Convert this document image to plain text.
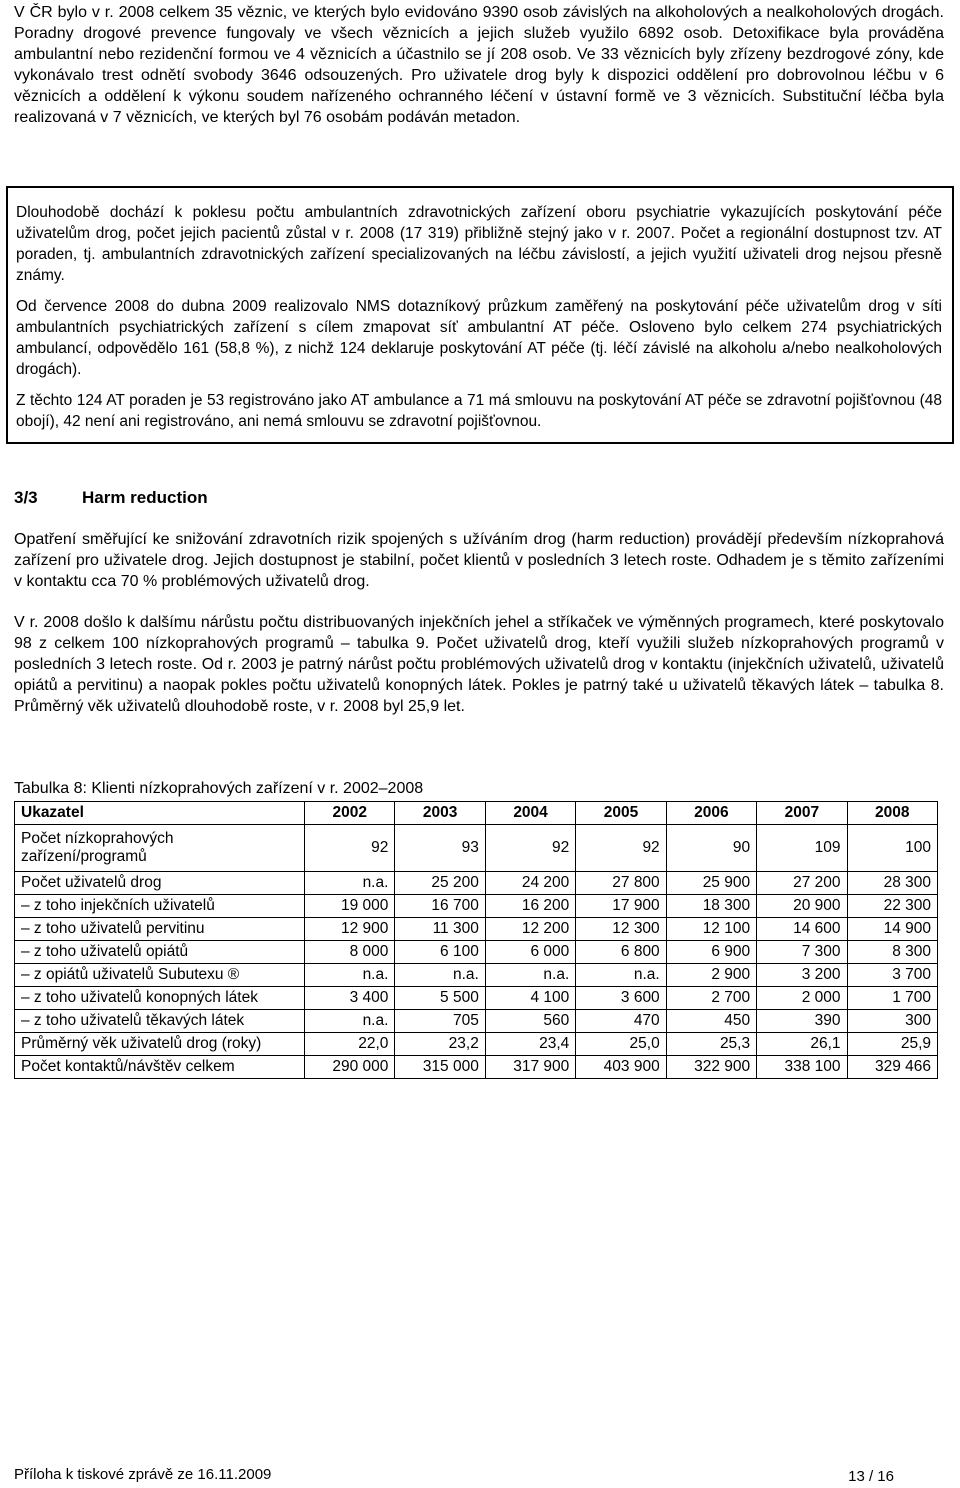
V ČR bylo v r. 2008 celkem 35 věznic, ve kterých bylo evidováno 9390 osob závislých na alkoholových a nealkoholových drogách. Poradny drogové prevence fungovaly ve všech věznicích a jejich služeb využilo 6892 osob. Detoxifikace byla prováděna ambulantní nebo rezidenční formou ve 4 věznicích a účastnilo se jí 208 osob. Ve 33 věznicích byly zřízeny bezdrogové zóny, kde vykonávalo trest odnětí svobody 3646 odsouzených. Pro uživatele drog byly k dispozici oddělení pro dobrovolnou léčbu v 6 věznicích a oddělení k výkonu soudem nařízeného ochranného léčení v ústavní formě ve 3 věznicích. Substituční léčba byla realizovaná v 7 věznicích, ve kterých byl 76 osobám podáván metadon.

Dlouhodobě dochází k poklesu počtu ambulantních zdravotnických zařízení oboru psychiatrie vykazujících poskytování péče uživatelům drog, počet jejich pacientů zůstal v r. 2008 (17 319) přibližně stejný jako v r. 2007. Počet a regionální dostupnost tzv. AT poraden, tj. ambulantních zdravotnických zařízení specializovaných na léčbu závislostí, a jejich využití uživateli drog nejsou přesně známy.

Od července 2008 do dubna 2009 realizovalo NMS dotazníkový průzkum zaměřený na poskytování péče uživatelům drog v síti ambulantních psychiatrických zařízení s cílem zmapovat síť ambulantní AT péče. Osloveno bylo celkem 274 psychiatrických ambulancí, odpovědělo 161 (58,8 %), z nichž 124 deklaruje poskytování AT péče (tj. léčí závislé na alkoholu a/nebo nealkoholových drogách).

Z těchto 124 AT poraden je 53 registrováno jako AT ambulance a 71 má smlouvu na poskytování AT péče se zdravotní pojišťovnou (48 obojí), 42 není ani registrováno, ani nemá smlouvu se zdravotní pojišťovnou.

3/3	Harm reduction

Opatření směřující ke snižování zdravotních rizik spojených s užíváním drog (harm reduction) provádějí především nízkoprahová zařízení pro uživatele drog. Jejich dostupnost je stabilní, počet klientů v posledních 3 letech roste. Odhadem je s těmito zařízeními v kontaktu cca 70 % problémových uživatelů drog.

V r. 2008 došlo k dalšímu nárůstu počtu distribuovaných injekčních jehel a stříkaček ve výměnných programech, které poskytovalo 98 z celkem 100 nízkoprahových programů – tabulka 9. Počet uživatelů drog, kteří využili služeb nízkoprahových programů v posledních 3 letech roste. Od r. 2003 je patrný nárůst počtu problémových uživatelů drog v kontaktu (injekčních uživatelů, uživatelů opiátů a pervitinu) a naopak pokles počtu uživatelů konopných látek. Pokles je patrný také u uživatelů těkavých látek – tabulka 8. Průměrný věk uživatelů dlouhodobě roste, v r. 2008 byl 25,9 let.

Tabulka 8: Klienti nízkoprahových zařízení v r. 2002–2008

Ukazatel	2002	2003	2004	2005	2006	2007	2008
Počet nízkoprahových zařízení/programů	92	93	92	92	90	109	100
Počet uživatelů drog	n.a.	25 200	24 200	27 800	25 900	27 200	28 300
– z toho injekčních uživatelů	19 000	16 700	16 200	17 900	18 300	20 900	22 300
– z toho uživatelů pervitinu	12 900	11 300	12 200	12 300	12 100	14 600	14 900
– z toho uživatelů opiátů	8 000	6 100	6 000	6 800	6 900	7 300	8 300
– z opiátů uživatelů Subutexu ®	n.a.	n.a.	n.a.	n.a.	2 900	3 200	3 700
– z toho uživatelů konopných látek	3 400	5 500	4 100	3 600	2 700	2 000	1 700
– z toho uživatelů těkavých látek	n.a.	705	560	470	450	390	300
Průměrný věk uživatelů drog (roky)	22,0	23,2	23,4	25,0	25,3	26,1	25,9
Počet kontaktů/návštěv celkem	290 000	315 000	317 900	403 900	322 900	338 100	329 466

Příloha k tiskové zprávě ze 16.11.2009	13 / 16
